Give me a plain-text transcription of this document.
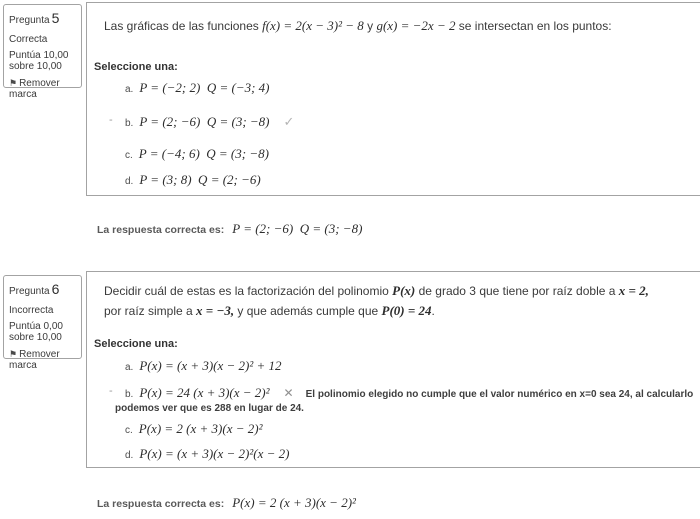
Pregunta 5
Correcta
Puntúa 10,00
sobre 10,00
⚑ Remover
marca
Las gráficas de las funciones f(x) = 2(x − 3)² − 8 y g(x) = −2x − 2 se intersectan en los puntos:
Seleccione una:
a. P = (−2; 2)  Q = (−3; 4)
- b. P = (2; −6)  Q = (3; −8) ✓
c. P = (−4; 6)  Q = (3; −8)
d. P = (3; 8)  Q = (2; −6)
La respuesta correcta es: P = (2; −6)  Q = (3; −8)
Pregunta 6
Incorrecta
Puntúa 0,00
sobre 10,00
⚑ Remover
marca
Decidir cuál de estas es la factorización del polinomio P(x) de grado 3 que tiene por raíz doble a x = 2, por raíz simple a x = −3, y que además cumple que P(0) = 24.
Seleccione una:
a. P(x) = (x + 3)(x − 2)² + 12
- b. P(x) = 24 (x + 3)(x − 2)² ✕ El polinomio elegido no cumple que el valor numérico en x=0 sea 24, al calcularlo
podemos ver que es 288 en lugar de 24.
c. P(x) = 2 (x + 3)(x − 2)²
d. P(x) = (x + 3)(x − 2)²(x − 2)
La respuesta correcta es: P(x) = 2 (x + 3)(x − 2)²
